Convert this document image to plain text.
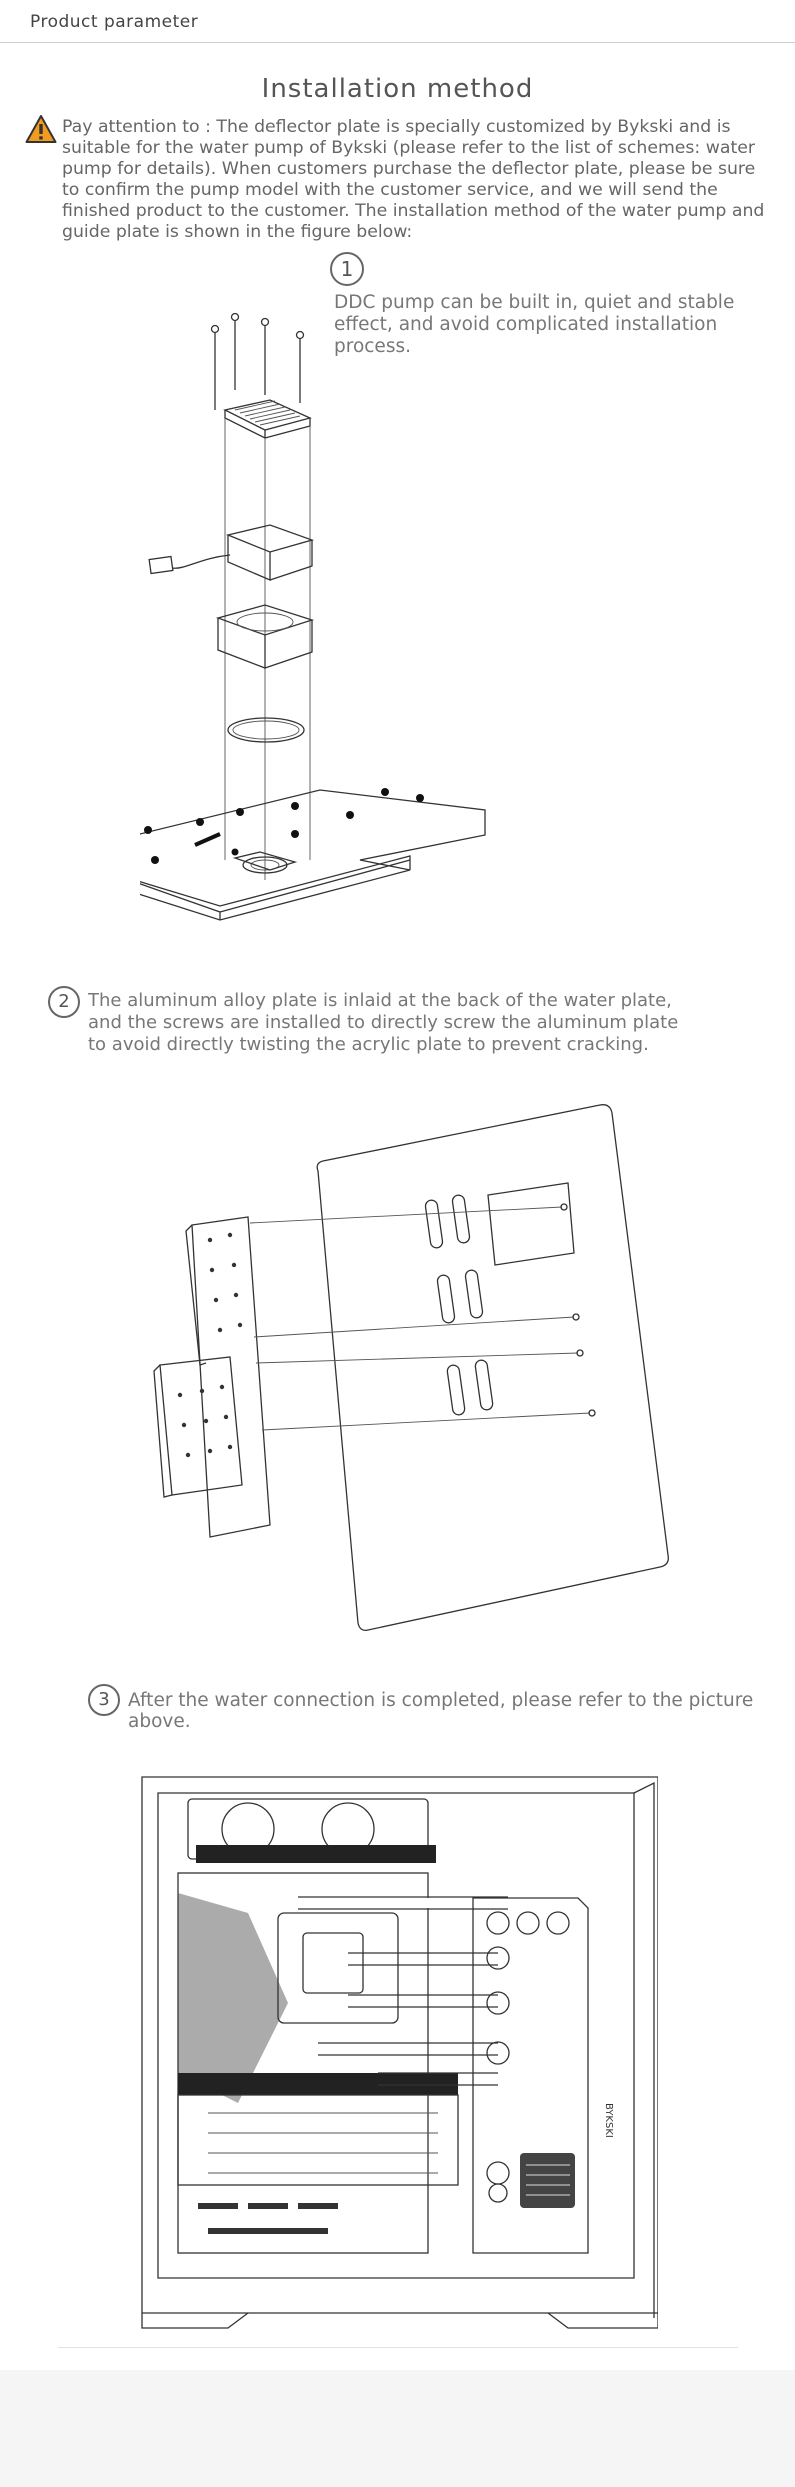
Product parameter
Installation method
Pay attention to : The deflector plate is specially customized by Bykski and is suitable for the water pump of Bykski (please refer to the list of schemes: water pump for details). When customers purchase the deflector plate, please be sure to confirm the pump model with the customer service, and we will send the finished product to the customer. The installation method of the water pump and guide plate is shown in the figure below:
1
DDC pump can be built in, quiet and stable effect, and avoid complicated installation process.
2	The aluminum alloy plate is inlaid at the back of the water plate, and the screws are installed to directly screw the aluminum plate to avoid directly twisting the acrylic plate to prevent cracking.
3 After the water connection is completed, please refer to the picture above.
BYKSKI
